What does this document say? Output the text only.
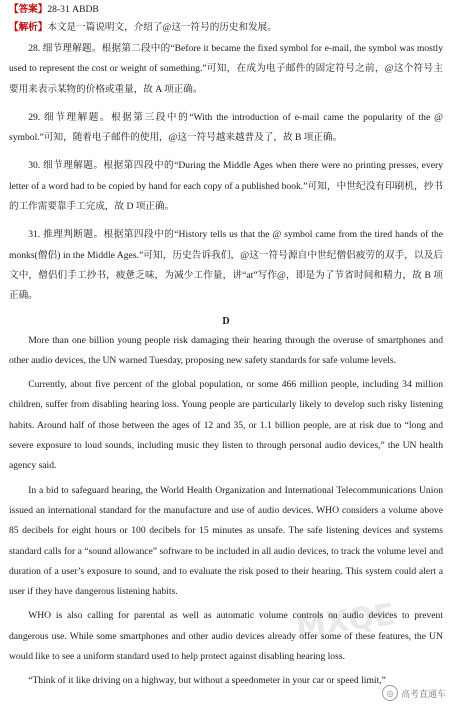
【答案】28-31 ABDB

【解析】本文是一篇说明文，介绍了@这一符号的历史和发展。

28. 细节理解题。根据第二段中的“Before it became the fixed symbol for e-mail, the symbol was mostly used to represent the cost or weight of something.”可知，在成为电子邮件的固定符号之前，@这个符号主要用来表示某物的价格或重量，故 A 项正确。

29. 细节理解题。根据第三段中的“With the introduction of e-mail came the popularity of the @ symbol.”可知，随着电子邮件的使用，@这一符号越来越普及了，故 B 项正确。

30. 细节理解题。根据第四段中的“During the Middle Ages when there were no printing presses, every letter of a word had to be copied by hand for each copy of a published book.”可知，中世纪没有印刷机，抄书的工作需要靠手工完成，故 D 项正确。

31. 推理判断题。根据第四段中的“History tells us that the @ symbol came from the tired hands of the monks(僧侣) in the Middle Ages.”可知，历史告诉我们，@这一符号源自中世纪僧侣疲劳的双手，以及后文中，僧侣们手工抄书，疲惫乏味，为减少工作量，讲“at”写作@，即是为了节省时间和精力，故 B 项正确。

D

More than one billion young people risk damaging their hearing through the overuse of smartphones and other audio devices, the UN warned Tuesday, proposing new safety standards for safe volume levels.

Currently, about five percent of the global population, or some 466 million people, including 34 million children, suffer from disabling hearing loss. Young people are particularly likely to develop such risky listening habits. Around half of those between the ages of 12 and 35, or 1.1 billion people, are at risk due to “long and severe exposure to loud sounds, including music they listen to through personal audio devices,” the UN health agency said.

In a bid to safeguard hearing, the World Health Organization and International Telecommunications Union issued an international standard for the manufacture and use of audio devices. WHO considers a volume above 85 decibels for eight hours or 100 decibels for 15 minutes as unsafe. The safe listening devices and systems standard calls for a “sound allowance” software to be included in all audio devices, to track the volume level and duration of a user’s exposure to sound, and to evaluate the risk posed to their hearing. This system could alert a user if they have dangerous listening habits.

WHO is also calling for parental as well as automatic volume controls on audio devices to prevent dangerous use. While some smartphones and other audio devices already offer some of these features, the UN would like to see a uniform standard used to help protect against disabling hearing loss.

“Think of it like driving on a highway, but without a speedometer in your car or speed limit,”

MXQE
◎ 高考直通车
